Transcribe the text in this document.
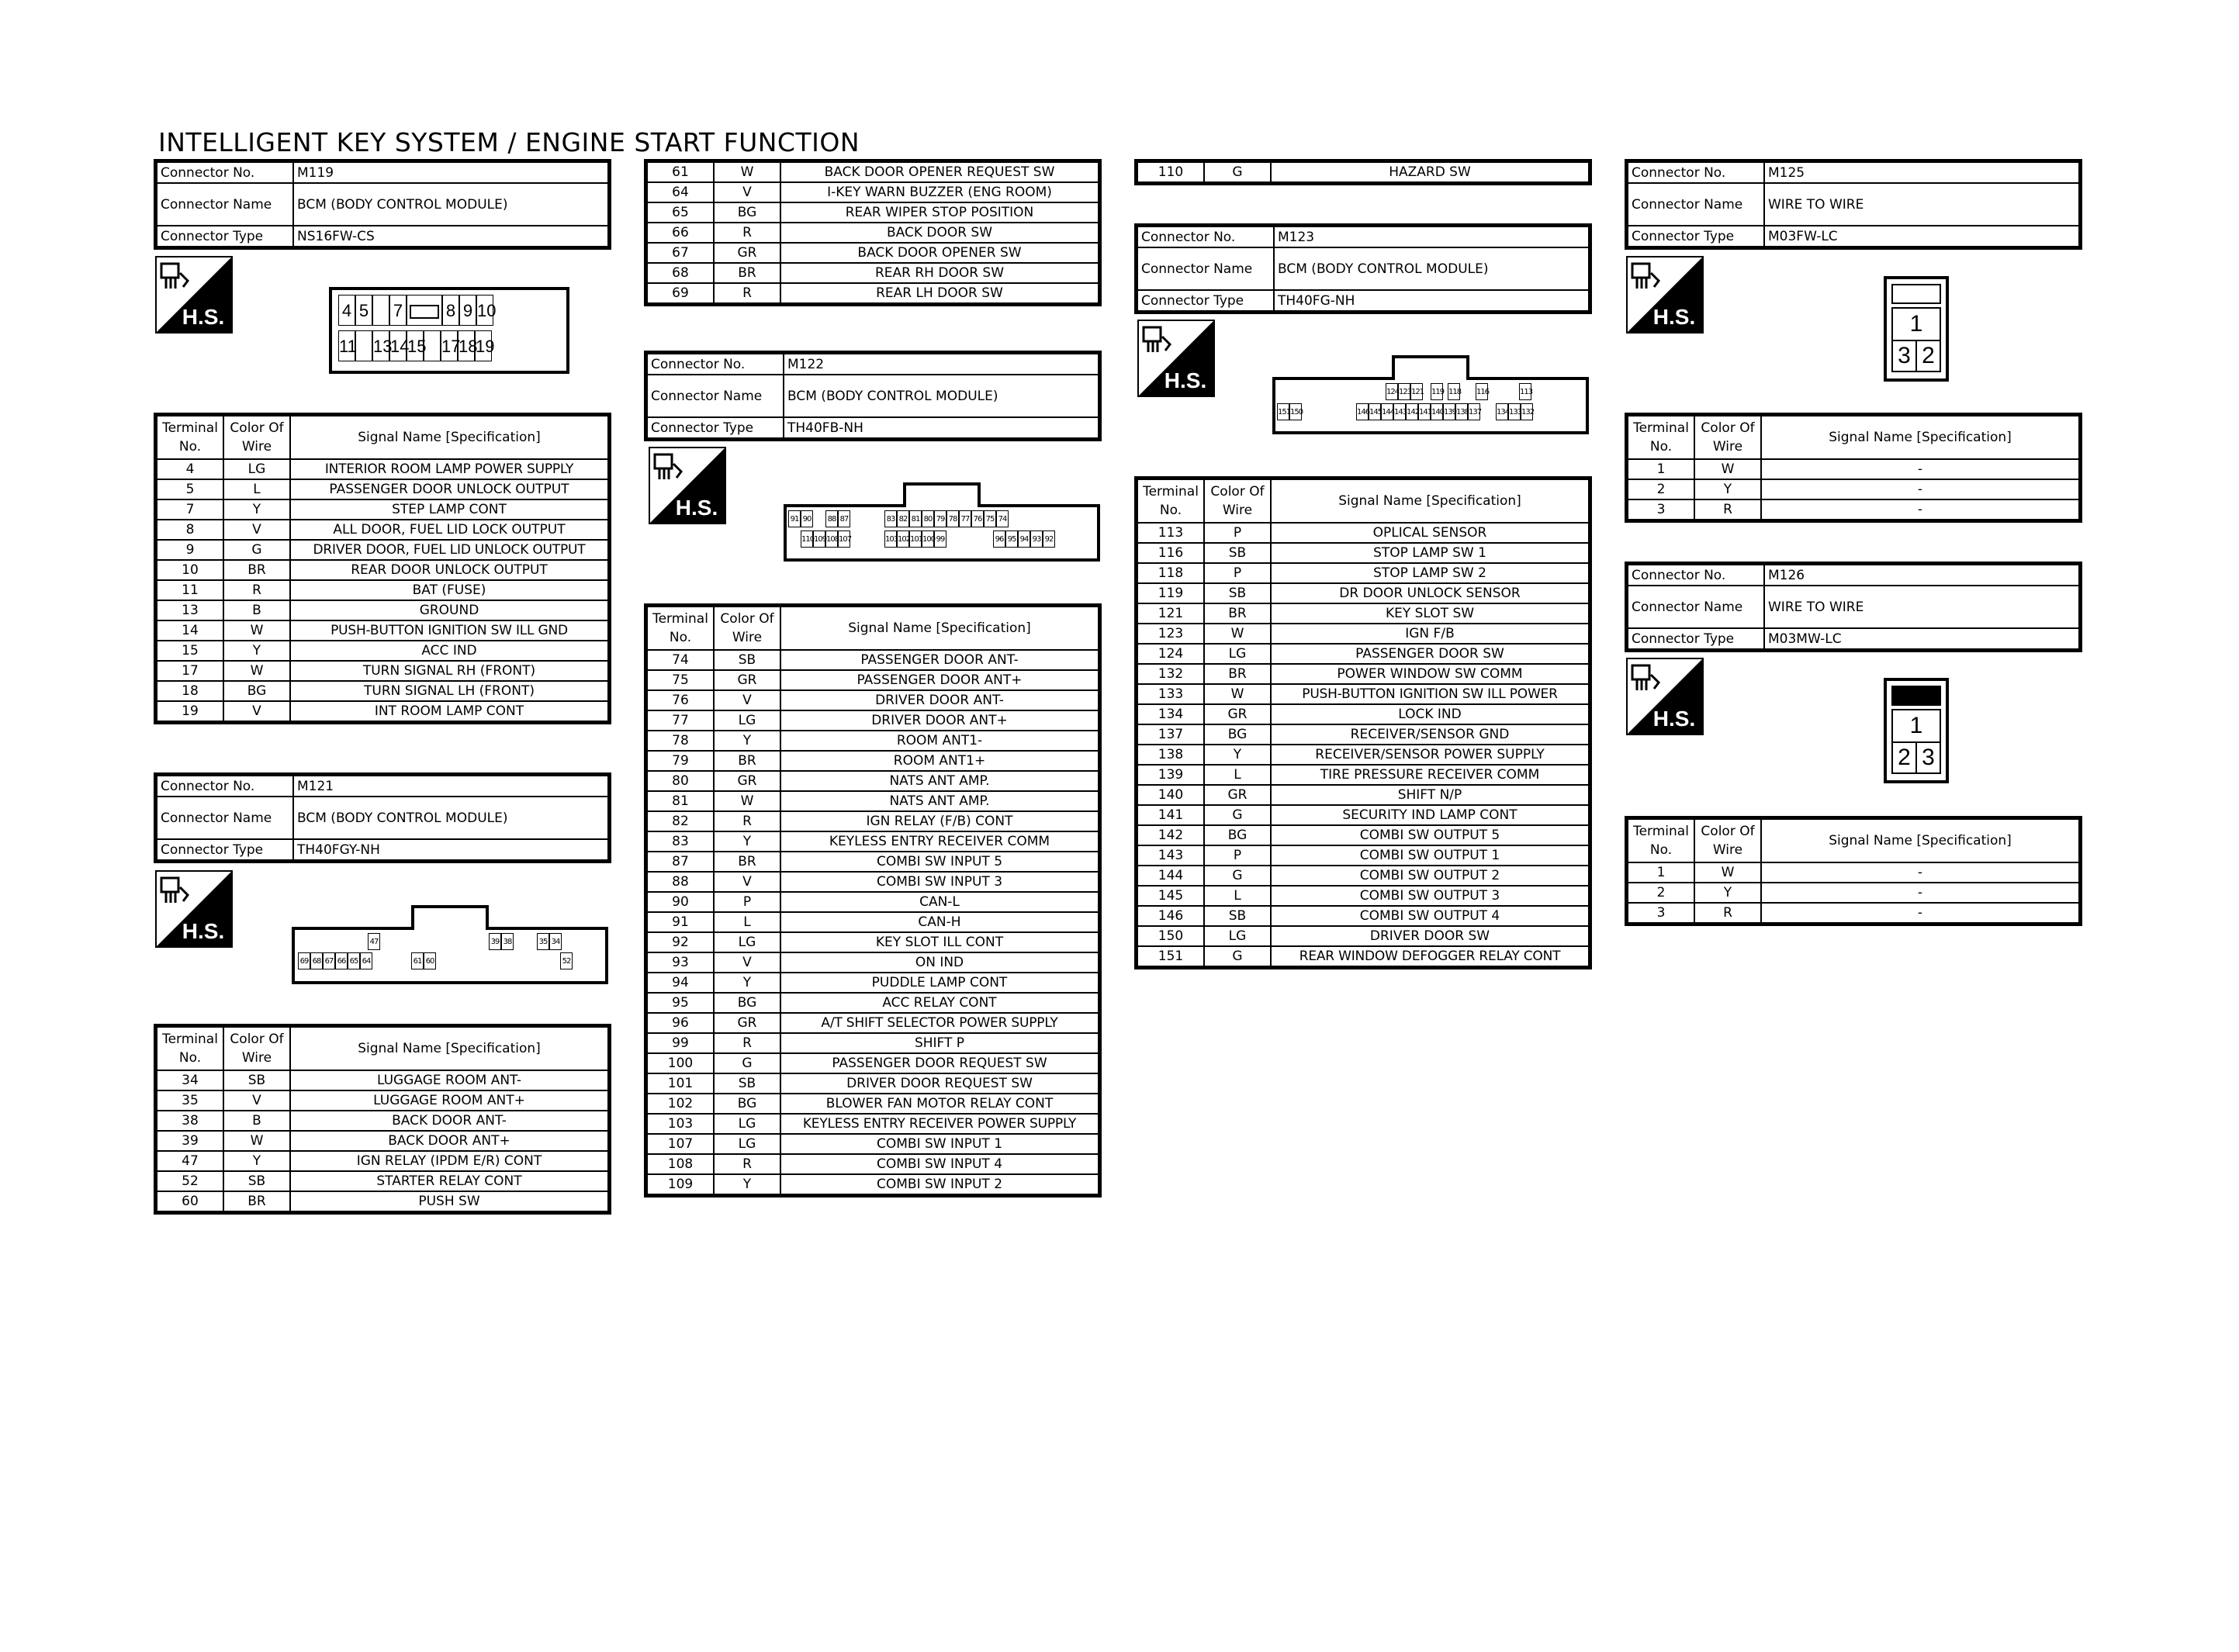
INTELLIGENT KEY SYSTEM / ENGINE START FUNCTION
Connector No.	M119
Connector Name	BCM (BODY CONTROL MODULE)
Connector Type	NS16FW-CS
H.S.	4 5 7	8 9 10
11 13
14
15 17
18
19
Terminal No.	Color Of Wire	Signal Name [Specification]
4	LG	INTERIOR ROOM LAMP POWER SUPPLY
5	L	PASSENGER DOOR UNLOCK OUTPUT
7	Y	STEP LAMP CONT
8	V	ALL DOOR, FUEL LID LOCK OUTPUT
9	G	DRIVER DOOR, FUEL LID UNLOCK OUTPUT
10	BR	REAR DOOR UNLOCK OUTPUT
11	R	BAT (FUSE)
13	B	GROUND
14	W	PUSH-BUTTON IGNITION SW ILL GND
15	Y	ACC IND
17	W	TURN SIGNAL RH (FRONT)
18	BG	TURN SIGNAL LH (FRONT)
19	V	INT ROOM LAMP CONT
Connector No.	M121
Connector Name	BCM (BODY CONTROL MODULE)
Connector Type	TH40FGY-NH
H.S.	47	39 38	35 34
69 68 67 66 65 64	61 60	52
Terminal No.	Color Of Wire	Signal Name [Specification]
34	SB	LUGGAGE ROOM ANT-
35	V	LUGGAGE ROOM ANT+
38	B	BACK DOOR ANT-
39	W	BACK DOOR ANT+
47	Y	IGN RELAY (IPDM E/R) CONT
52	SB	STARTER RELAY CONT
60	BR	PUSH SW
61	W	BACK DOOR OPENER REQUEST SW
64	V	I-KEY WARN BUZZER (ENG ROOM)
65	BG	REAR WIPER STOP POSITION
66	R	BACK DOOR SW
67	GR	BACK DOOR OPENER SW
68	BR	REAR RH DOOR SW
69	R	REAR LH DOOR SW
Connector No.	M122
Connector Name	BCM (BODY CONTROL MODULE)
Connector Type	TH40FB-NH
H.S.	91 90 88 87	83 82 81 80 79 78 77 76 75 74
110 109 108 107	103 102 101 100 99	96 95 94 93 92
Terminal No.	Color Of Wire	Signal Name [Specification]
74	SB	PASSENGER DOOR ANT-
75	GR	PASSENGER DOOR ANT+
76	V	DRIVER DOOR ANT-
77	LG	DRIVER DOOR ANT+
78	Y	ROOM ANT1-
79	BR	ROOM ANT1+
80	GR	NATS ANT AMP.
81	W	NATS ANT AMP.
82	R	IGN RELAY (F/B) CONT
83	Y	KEYLESS ENTRY RECEIVER COMM
87	BR	COMBI SW INPUT 5
88	V	COMBI SW INPUT 3
90	P	CAN-L
91	L	CAN-H
92	LG	KEY SLOT ILL CONT
93	V	ON IND
94	Y	PUDDLE LAMP CONT
95	BG	ACC RELAY CONT
96	GR	A/T SHIFT SELECTOR POWER SUPPLY
99	R	SHIFT P
100	G	PASSENGER DOOR REQUEST SW
101	SB	DRIVER DOOR REQUEST SW
102	BG	BLOWER FAN MOTOR RELAY CONT
103	LG	KEYLESS ENTRY RECEIVER POWER SUPPLY
107	LG	COMBI SW INPUT 1
108	R	COMBI SW INPUT 4
109	Y	COMBI SW INPUT 2
110	G	HAZARD SW
Connector No.	M123
Connector Name	BCM (BODY CONTROL MODULE)
Connector Type	TH40FG-NH
H.S.	124 123 121 119 118 116	113
151 150	146 145 144 143 142 141 140 139 138 137 134 133 132
Terminal No.	Color Of Wire	Signal Name [Specification]
113	P	OPLICAL SENSOR
116	SB	STOP LAMP SW 1
118	P	STOP LAMP SW 2
119	SB	DR DOOR UNLOCK SENSOR
121	BR	KEY SLOT SW
123	W	IGN F/B
124	LG	PASSENGER DOOR SW
132	BR	POWER WINDOW SW COMM
133	W	PUSH-BUTTON IGNITION SW ILL POWER
134	GR	LOCK IND
137	BG	RECEIVER/SENSOR GND
138	Y	RECEIVER/SENSOR POWER SUPPLY
139	L	TIRE PRESSURE RECEIVER COMM
140	GR	SHIFT N/P
141	G	SECURITY IND LAMP CONT
142	BG	COMBI SW OUTPUT 5
143	P	COMBI SW OUTPUT 1
144	G	COMBI SW OUTPUT 2
145	L	COMBI SW OUTPUT 3
146	SB	COMBI SW OUTPUT 4
150	LG	DRIVER DOOR SW
151	G	REAR WINDOW DEFOGGER RELAY CONT
Connector No.	M125
Connector Name	WIRE TO WIRE
Connector Type	M03FW-LC
H.S.	1
3 2
Terminal No.	Color Of Wire	Signal Name [Specification]
1	W	-
2	Y	-
3	R	-
Connector No.	M126
Connector Name	WIRE TO WIRE
Connector Type	M03MW-LC
H.S.	1
2 3
Terminal No.	Color Of Wire	Signal Name [Specification]
1	W	-
2	Y	-
3	R	-
